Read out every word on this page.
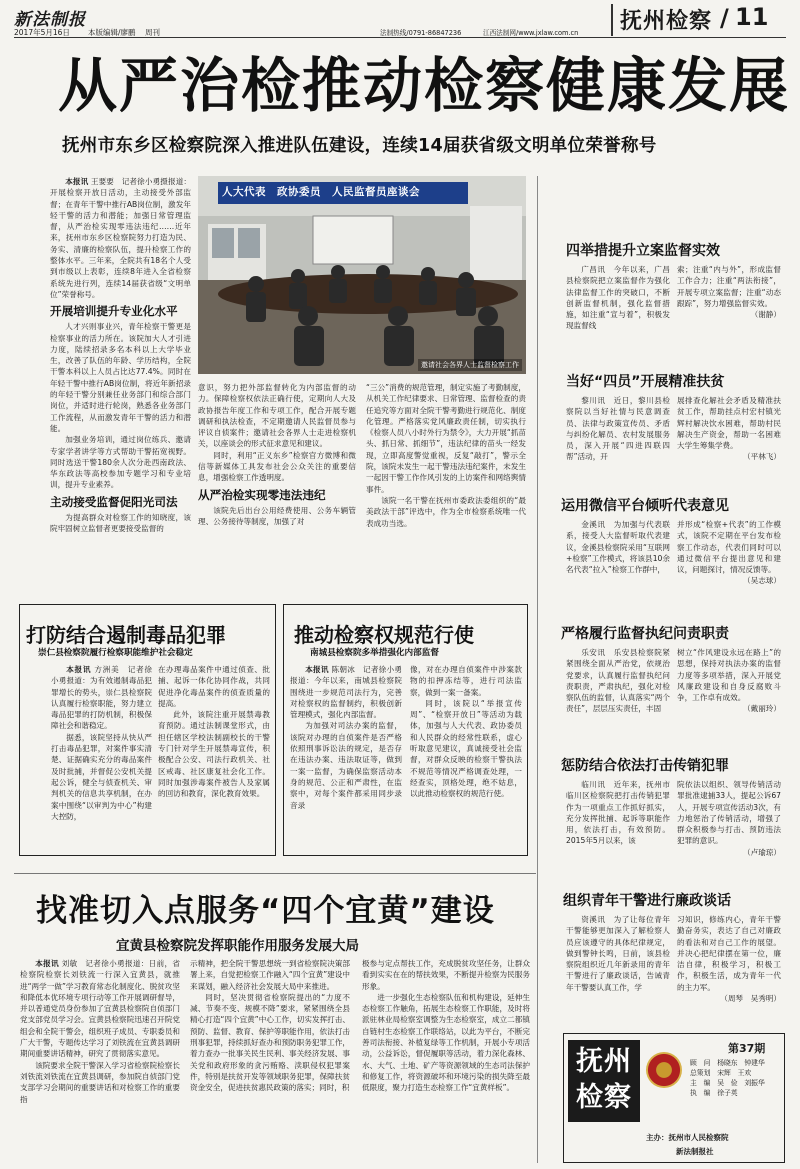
新法制报
2017年5月16日 本版编辑/廖鹏 周刊	法制热线/0791-86847236	江西法制网/www.jxlaw.com.cn 抚州检察 / 11
从严治检推动检察健康发展
抚州市东乡区检察院深入推进队伍建设，连续14届获省级文明单位荣誉称号

本报讯 王要要　记者徐小勇摄报道：开展检察开放日活动，主动接受外部监督；在青年干警中推行AB岗位制，激发年轻干警的活力和潜能；加强日常管理监督，从严治检实现零违法违纪……近年来，抚州市东乡区检察院努力打造为民、务实、清廉的检察队伍，提升检察工作的整体水平。三年来，全院共有18名个人受到市级以上表彰，连续8年进入全省检察系统先进行列，连续14届获省级“文明单位”荣誉称号。

开展培训提升专业化水平

人才兴则事业兴，青年检察干警更是检察事业的活力所在。该院加大人才引进力度，陆续招录多名本科以上大学毕业生，改善了队伍的年龄、学历结构，全院干警本科以上人员占比达77.4%。同时在年轻干警中推行AB岗位制，将近年新招录的年轻干警分别兼任业务部门和综合部门岗位，并适时进行轮岗，熟悉各业务部门工作流程，从而激发青年干警的活力和潜能。

加强业务培训，通过岗位练兵、邀请专家学者讲学等方式帮助干警拓宽视野。同时选送干警180余人次分赴西南政法、华东政法等高校参加专题学习和专业培训，提升专业素养。

主动接受监督促阳光司法

为提高群众对检察工作的知晓度，该院牢固树立监督者更要接受监督的

人大代表　政协委员　人民监督员座谈会
邀请社会各界人士监督检察工作

意识，努力把外部监督转化为内部监督的动力。保障检察权依法正确行使，定期向人大及政协报告年度工作和专项工作，配合开展专题调研和执法检查，不定期邀请人民监督员参与评议自侦案件；邀请社会各界人士走进检察机关，以座谈会的形式征求意见和建议。

同时，利用“正义东乡”检察官方微博和微信等新媒体工具发布社会公众关注的重要信息，增强检察工作透明度。

从严治检实现零违法违纪

该院先后出台公用经费使用、公务车辆管理、公务接待等制度，加强了对

“三公”消费的规范管理，制定实施了考勤制度，从机关工作纪律要求、日常管理、监督检查的责任追究等方面对全院干警考勤进行规范化、制度化管理。严格落实党风廉政责任制，切实执行《检察人员八小时外行为禁令》，大力开展“抓苗头、抓日常、抓细节”，违法纪律的苗头一经发现，立即高度警觉重视，反复“敲打”，警示全院，该院未发生一起干警违法违纪案件，未发生一起因干警工作作风引发的上访案件和网络舆情事件。

该院一名干警在抚州市委政法委组织的“最美政法干部”评选中，作为全市检察系统唯一代表成功当选。

打防结合遏制毒品犯罪
崇仁县检察院履行检察职能维护社会稳定

本报讯 方洲美　记者徐小勇报道：为有效遏制毒品犯罪增长的势头，崇仁县检察院认真履行检察职能，努力建立毒品犯罪的打防机制，积极保障社会和谐稳定。

据悉，该院坚持从快从严打击毒品犯罪，对案件事实清楚、证据确实充分的毒品案件及时批捕，并督促公安机关提起公诉，健全与侦查机关、审判机关的信息共享机制，在办案中围绕“以审判为中心”构建大控防，

在办理毒品案件中通过侦查、批捕、起诉一体化协同作战，共同促进净化毒品案件的侦查质量的提高。

此外，该院注重开展禁毒教育预防。通过法制课堂形式，由担任辖区学校法制副校长的干警专门针对学生开展禁毒宣传，积极配合公安、司法行政机关、社区戒毒、社区康复社会化工作。同时加强涉毒案件被告人及家属的回访和教育，深化教育效果。

推动检察权规范行使
南城县检察院多举措强化内部监督

本报讯 陈朝冰　记者徐小勇报道：今年以来，南城县检察院围绕进一步规范司法行为，完善对检察权的监督制约，积极创新管理模式，强化内部监督。

为加强对司法办案的监督，该院对办理的自侦案件是否严格依照刑事诉讼法的规定，是否存在违法办案、违法取证等，做到一案一监督，为确保监察活动本身的规范、公正和严肃性，在监察中，对每个案件都采用同步录音录

像，对在办理自侦案件中涉案款物的扣押冻结等，进行司法监察，做到一案一备案。

同时，该院以“举报宣传周”、“检察开放日”等活动为载体，加强与人大代表、政协委员和人民群众的经常性联系，虚心听取意见建议，真诚接受社会监督，对群众反映的检察干警执法不规范等情况严格调查处理，一经查实，顶格处理，绝不姑息，以此推动检察权的规范行使。

找准切入点服务“四个宜黄”建设
宜黄县检察院发挥职能作用服务发展大局

本报讯 刘敏　记者徐小勇报道：日前，省检察院检察长刘铁流一行深入宜黄县，就推进“两学一做”学习教育常态化制度化、脱贫攻坚和降低本优环境专项行动等工作开展调研督导，并以普通党员身份参加了宜黄县检察院自侦部门党支部党员学习会。宜黄县检察院迅速召开院党组会和全院干警会，组织班子成员、专职委员和广大干警，专题传达学习了刘铁流在宜黄县调研期间重要讲话精神，研究了贯彻落实意见。

该院要求全院干警深入学习省检察院检察长刘铁流刘铁流在宜黄县调研，参加院自侦部门党支部学习会期间的重要讲话和对检察工作的重要指

示精神，把全院干警思想统一到省检察院决策部署上来，自觉把检察工作融入“四个宜黄”建设中来谋划，融入经济社会发展大局中来推进。

同时，坚决贯彻省检察院提出的“力度不减、节奏不变、规模不降”要求，紧紧围绕全县精心打造“四个宜黄”中心工作，切实发挥打击、预防、监督、教育、保护等职能作用，依法打击刑事犯罪，持续抓好查办和预防职务犯罪工作，着力查办一批事关民生民利、事关经济发展、事关党和政府形象的贪污贿赂、渎职侵权犯罪案件，特别是扶贫开发等领域职务犯罪，保障扶贫资金安全，促进扶贫惠民政策的落实；同时，积

极参与定点帮扶工作，充成脱贫攻坚任务，让群众看到实实在在的帮扶效果，不断提升检察为民服务形象。

进一步强化生态检察队伍和机构建设，延伸生态检察工作触角，拓展生态检察工作职能，及时将派驻林业局检察室调整为生态检察室，成立二都镇自链村生态检察工作联络站，以此为平台，不断完善司法衔接、补植复绿等工作机制，开展小专项活动，公益诉讼，督促履职等活动，着力深化森林、水、大气、土地、矿产等资源领域的生态司法保护和修复工作，将资源破坏和环境污染的损失降至最低限度，聚力打造生态检察工作“宜黄样板”。

四举措提升立案监督实效

广昌讯　今年以来，广昌县检察院把立案监督作为强化法律监督工作的突破口，不断创新监督机制，强化监督措施，如注重“宣与着”，积极发现监督线

索；注重“内与外”，形成监督工作合力；注重“两法衔接”，开展专项立案监督；注重“动态跟踪”，努力增强监督实效。

（谢静）
当好“四员”开展精准扶贫

黎川讯　近日，黎川县检察院以当好社情与民意调查员、法律与政策宣传员、矛盾与纠纷化解员、农村发展服务员，深入开展“四进四联四帮”活动，开

展排查化解社会矛盾及精准扶贫工作，帮助挂点村宏村镇光辉村解决饮水困难，帮助村民解决生产资金，帮助一名困难大学生筹集学费。

（平林飞）
运用微信平台倾听代表意见

金溪讯　为加强与代表联系，接受人大监督听取代表建议，金溪县检察院采用“互联网+检察”工作模式，将该县10余名代表“拉入”检察工作群中，

并形成“检察+代表”的工作模式，该院不定期在平台发布检察工作动态，代表们同时可以通过微信平台提出意见和建议，问题探讨，情况反馈等。

（吴志球）
严格履行监督执纪问责职责

乐安讯　乐安县检察院紧紧围绕全面从严治党，依规治党要求，认真履行监督执纪问责职责，严肃执纪，强化对检察队伍的监督，认真落实“两个责任”，层层压实责任，丰固

树立“作风建设永远在路上”的思想，保持对执法办案的监督力度等多项举措，深入开展党风廉政建设和自身反腐败斗争，工作卓有成效。

（戴丽玲）
惩防结合依法打击传销犯罪

临川讯　近年来，抚州市临川区检察院把打击传销犯罪作为一项重点工作抓好抓实，充分发挥批捕、起诉等职能作用，依法打击，有效预防。2015年5月以来，该

院依法以组织、领导传销活动罪批准逮捕33人，提起公诉67人，开展专项宣传活动3次，有力地惩治了传销活动，增强了群众积极参与打击、预防违法犯罪的意识。

（卢瑜琼）
组织青年干警进行廉政谈话

资溪讯　为了让每位青年干警能够更加深入了解检察人员应该遵守的具体纪律规定，做到警钟长鸣，日前，该县检察院组织近几年新录用的青年干警进行了廉政谈话，告诫青年干警要认真工作，学

习知识，修练内心，青年干警勤奋务实，表达了自己对廉政的看法和对自己工作的展望。并决心把纪律摆在第一位，廉洁自律，积极学习，积极工作，积极生活，成为青年一代的主力军。

（周琴　吴秀明）
抚州检察
第37期
顾　问　 杨晓东　钟建华
总策划　 宋辉　王欢
主　编　 吴　俭　刘振华
执　编　 徐子英
主办：抚州市人民检察院
新法制报社
